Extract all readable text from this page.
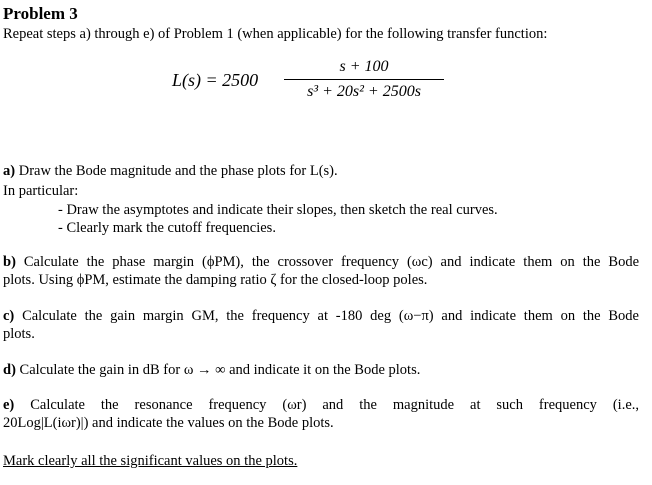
Problem 3
Repeat steps a) through e) of Problem 1 (when applicable) for the following transfer function:
L(s) = 2500
s + 100
s³ + 20s² + 2500s
a) Draw the Bode magnitude and the phase plots for L(s).
In particular:
- Draw the asymptotes and indicate their slopes, then sketch the real curves.
- Clearly mark the cutoff frequencies.
b) Calculate the phase margin (ϕPM), the crossover frequency (ωc) and indicate them on the Bode
plots. Using ϕPM, estimate the damping ratio ζ for the closed-loop poles.
c) Calculate the gain margin GM, the frequency at -180 deg (ω−π) and indicate them on the Bode
plots.
d) Calculate the gain in dB for ω → ∞ and indicate it on the Bode plots.
e) Calculate the resonance frequency (ωr) and the magnitude at such frequency (i.e.,
20Log|L(iωr)|) and indicate the values on the Bode plots.
Mark clearly all the significant values on the plots.
